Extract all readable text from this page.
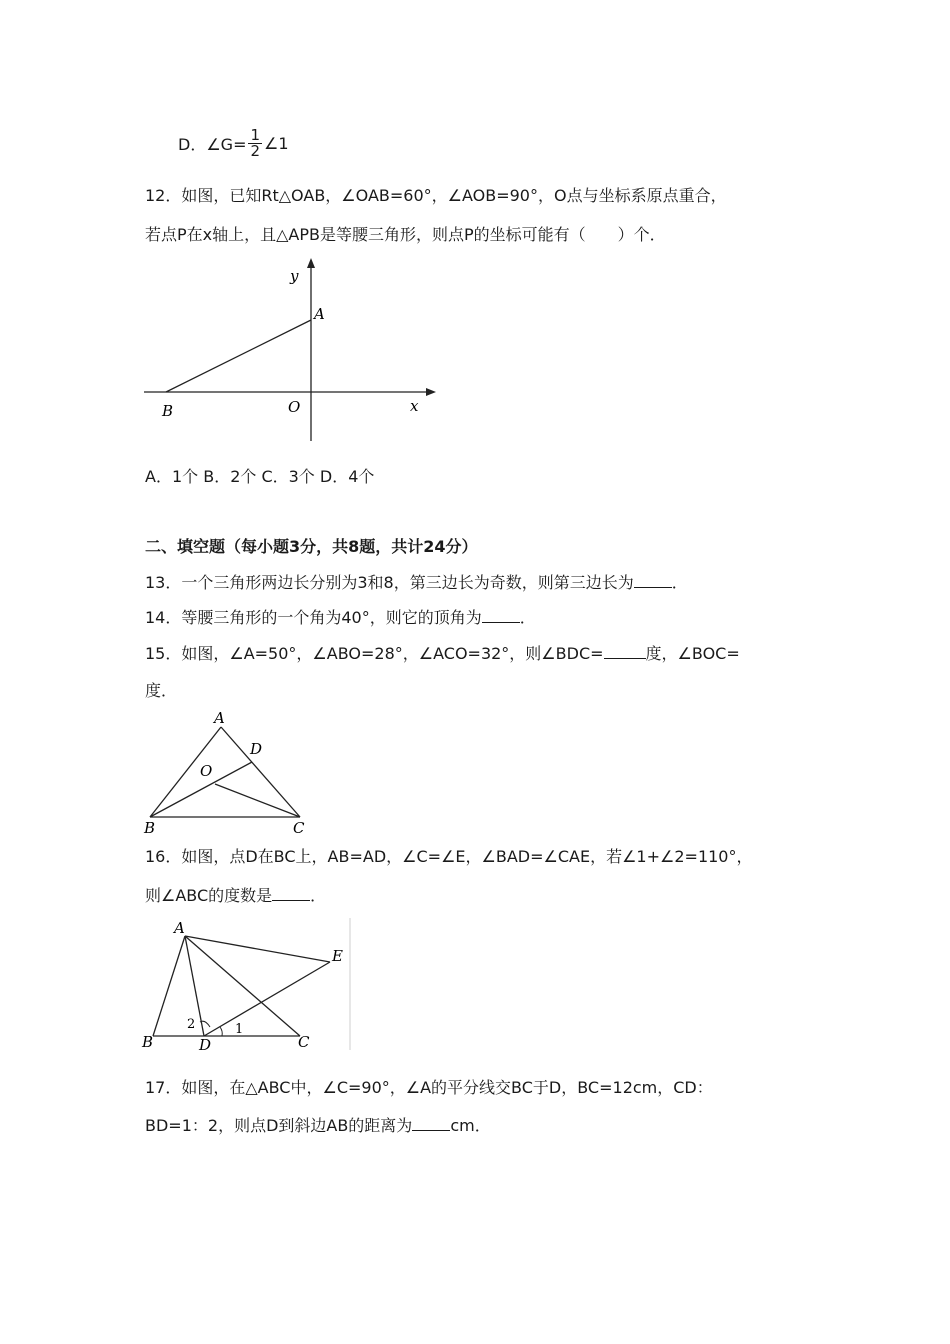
D．∠G= $\frac{1}{2}$ ∠1
12．如图，已知Rt△OAB，∠OAB=60°，∠AOB=90°，O点与坐标系原点重合，
若点P在x轴上，且△APB是等腰三角形，则点P的坐标可能有（　　）个．
y
A
B	O	x
A．1个 B．2个 C．3个 D．4个
二、填空题（每小题3分，共8题，共计24分）
13．一个三角形两边长分别为3和8，第三边长为奇数，则第三边长为 ．
14．等腰三角形的一个角为40°，则它的顶角为 ．
15．如图，∠A=50°，∠ABO=28°，∠ACO=32°，则∠BDC=	度，∠BOC=
度．
A
D
O
B	C
16．如图，点D在BC上，AB=AD，∠C=∠E，∠BAD=∠CAE，若∠1+∠2=110°，
则∠ABC的度数是 ．
A
E
B	D	C
1
2
17．如图，在△ABC中，∠C=90°，∠A的平分线交BC于D，BC=12cm，CD：
BD=1：2，则点D到斜边AB的距离为 cm．
